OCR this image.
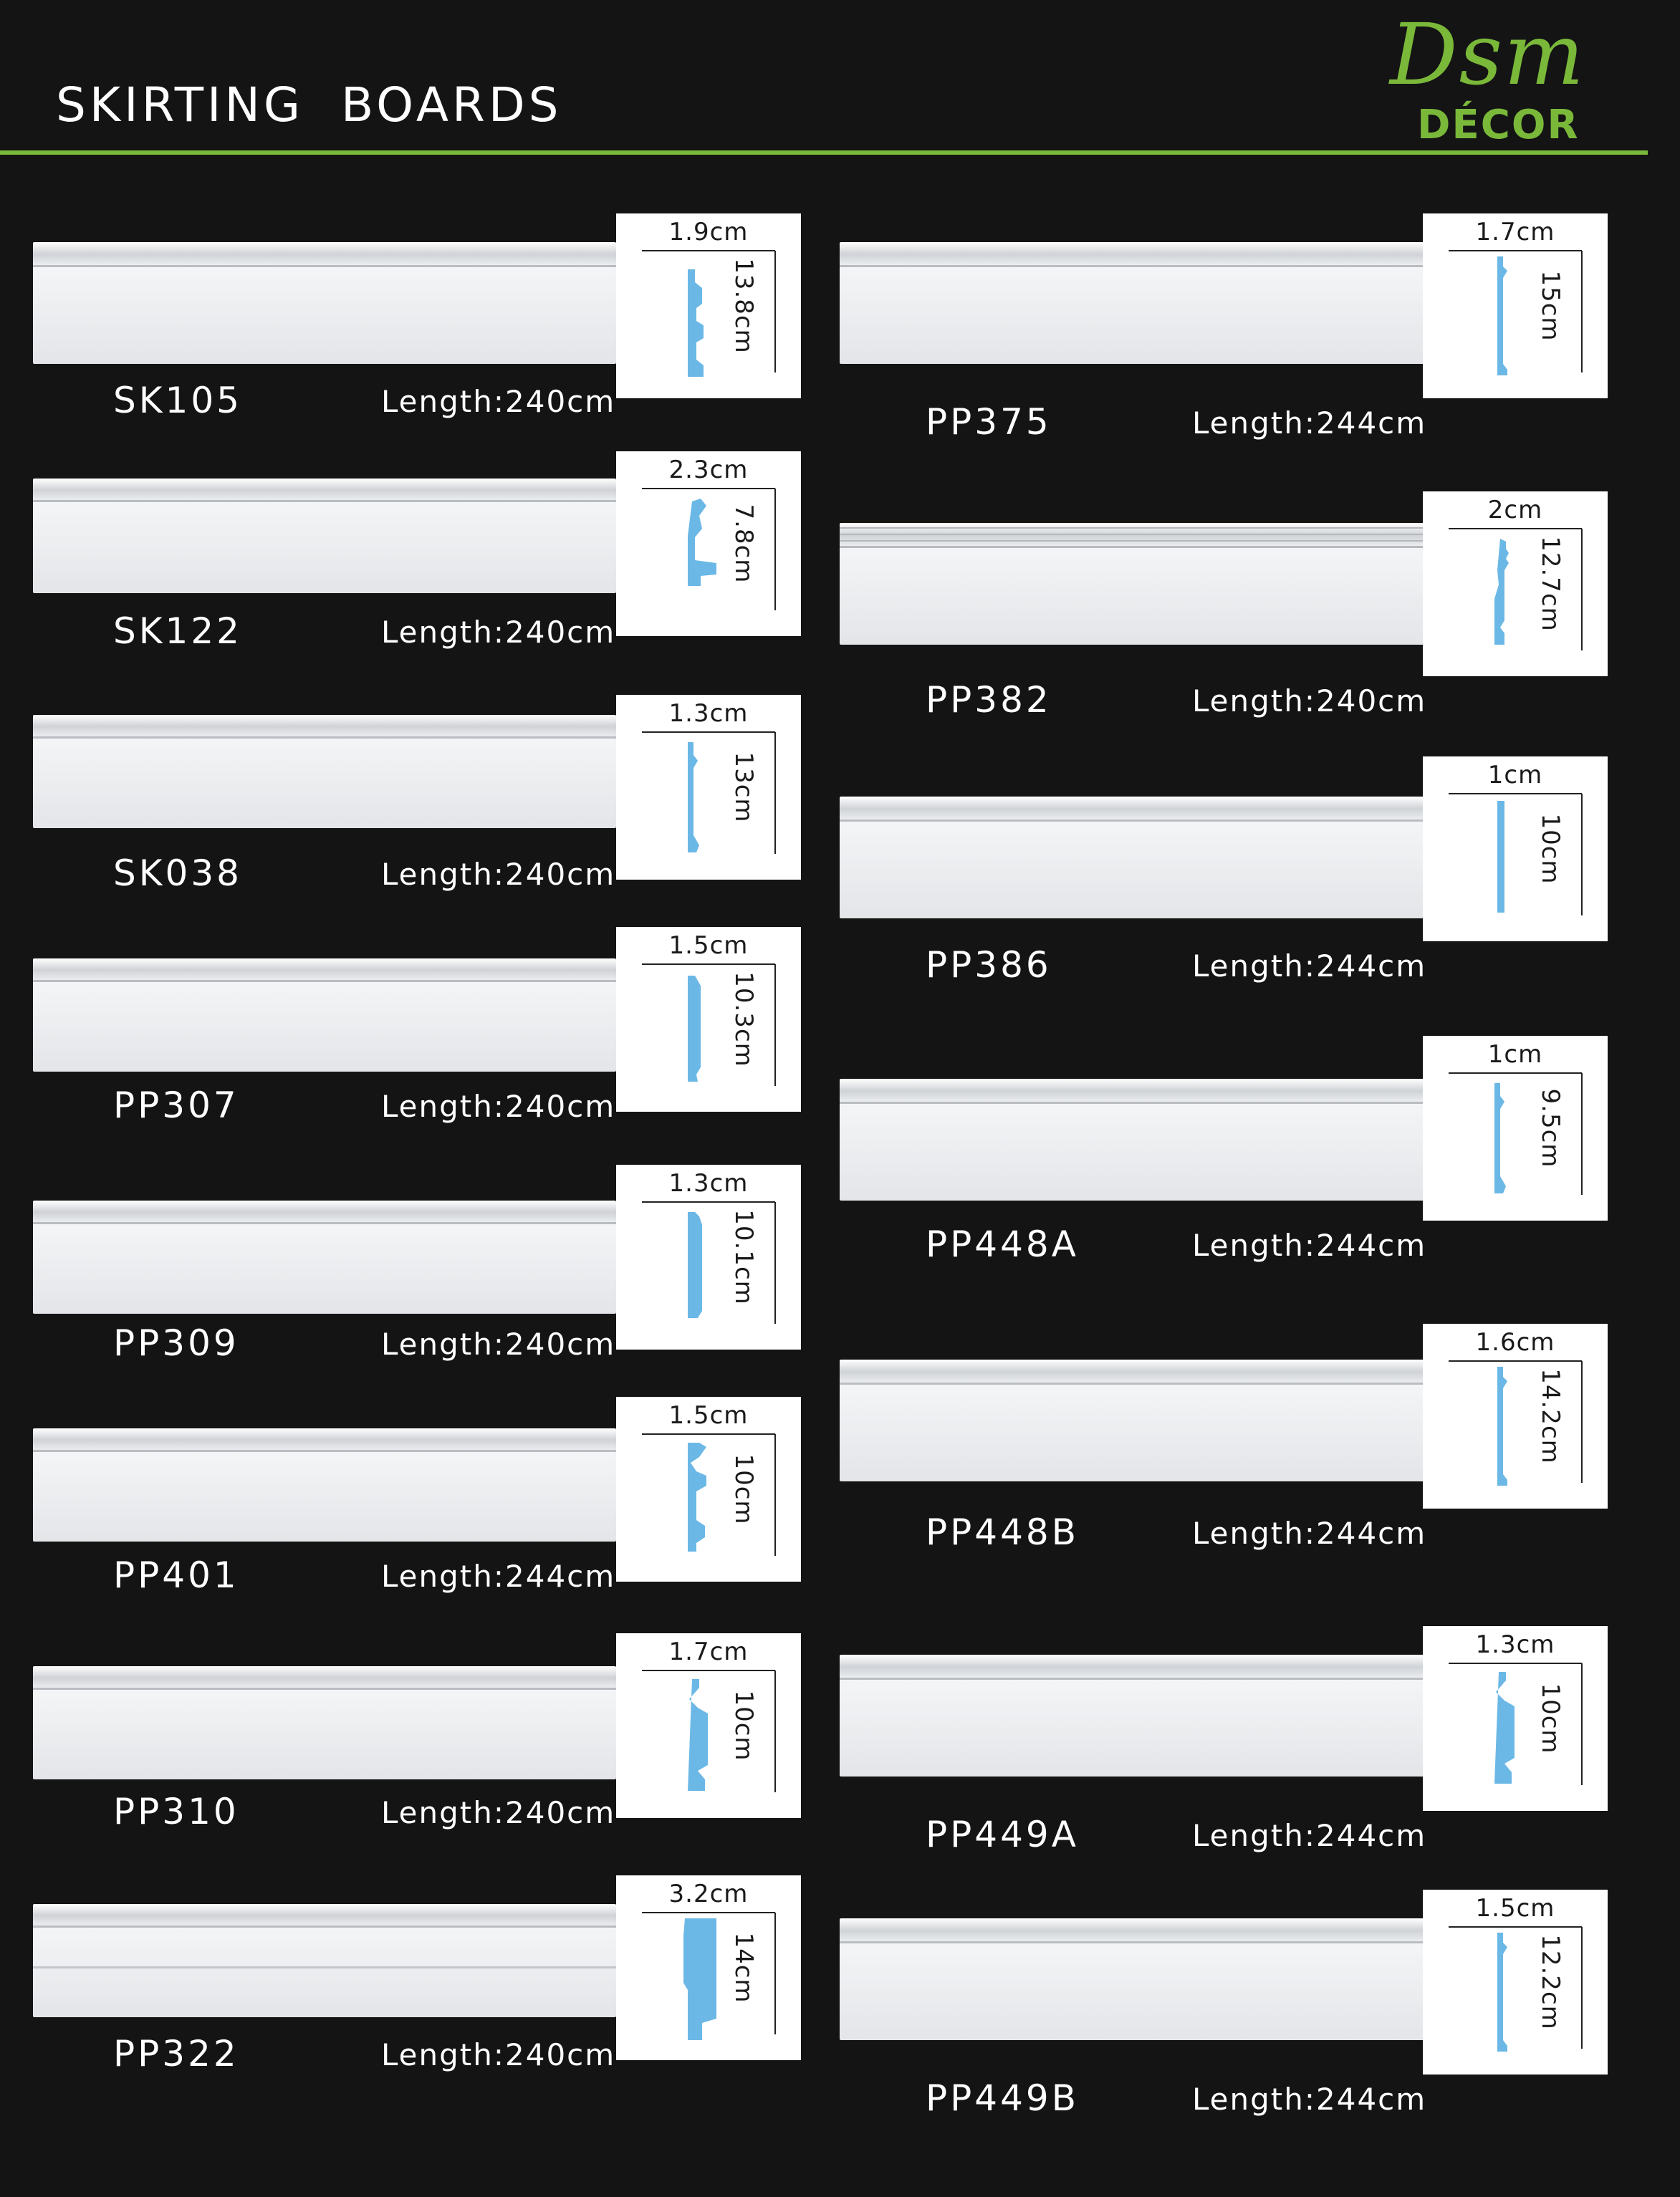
SKIRTING  BOARDS
Dsm
DÉCOR
1.9cm
13.8cm
SK105	Length:240cm
2.3cm
7.8cm
SK122	Length:240cm
1.3cm
13cm
SK038	Length:240cm
1.5cm
10.3cm
PP307	Length:240cm
1.3cm
10.1cm
PP309	Length:240cm
1.5cm
10cm
PP401	Length:244cm
1.7cm
10cm
PP310	Length:240cm
3.2cm
14cm
PP322	Length:240cm
1.7cm
15cm
PP375	Length:244cm
2cm
12.7cm
PP382	Length:240cm
1cm
10cm
PP386	Length:244cm
1cm
9.5cm
PP448A	Length:244cm
1.6cm
14.2cm
PP448B	Length:244cm
1.3cm
10cm
PP449A	Length:244cm
1.5cm
12.2cm
PP449B	Length:244cm
